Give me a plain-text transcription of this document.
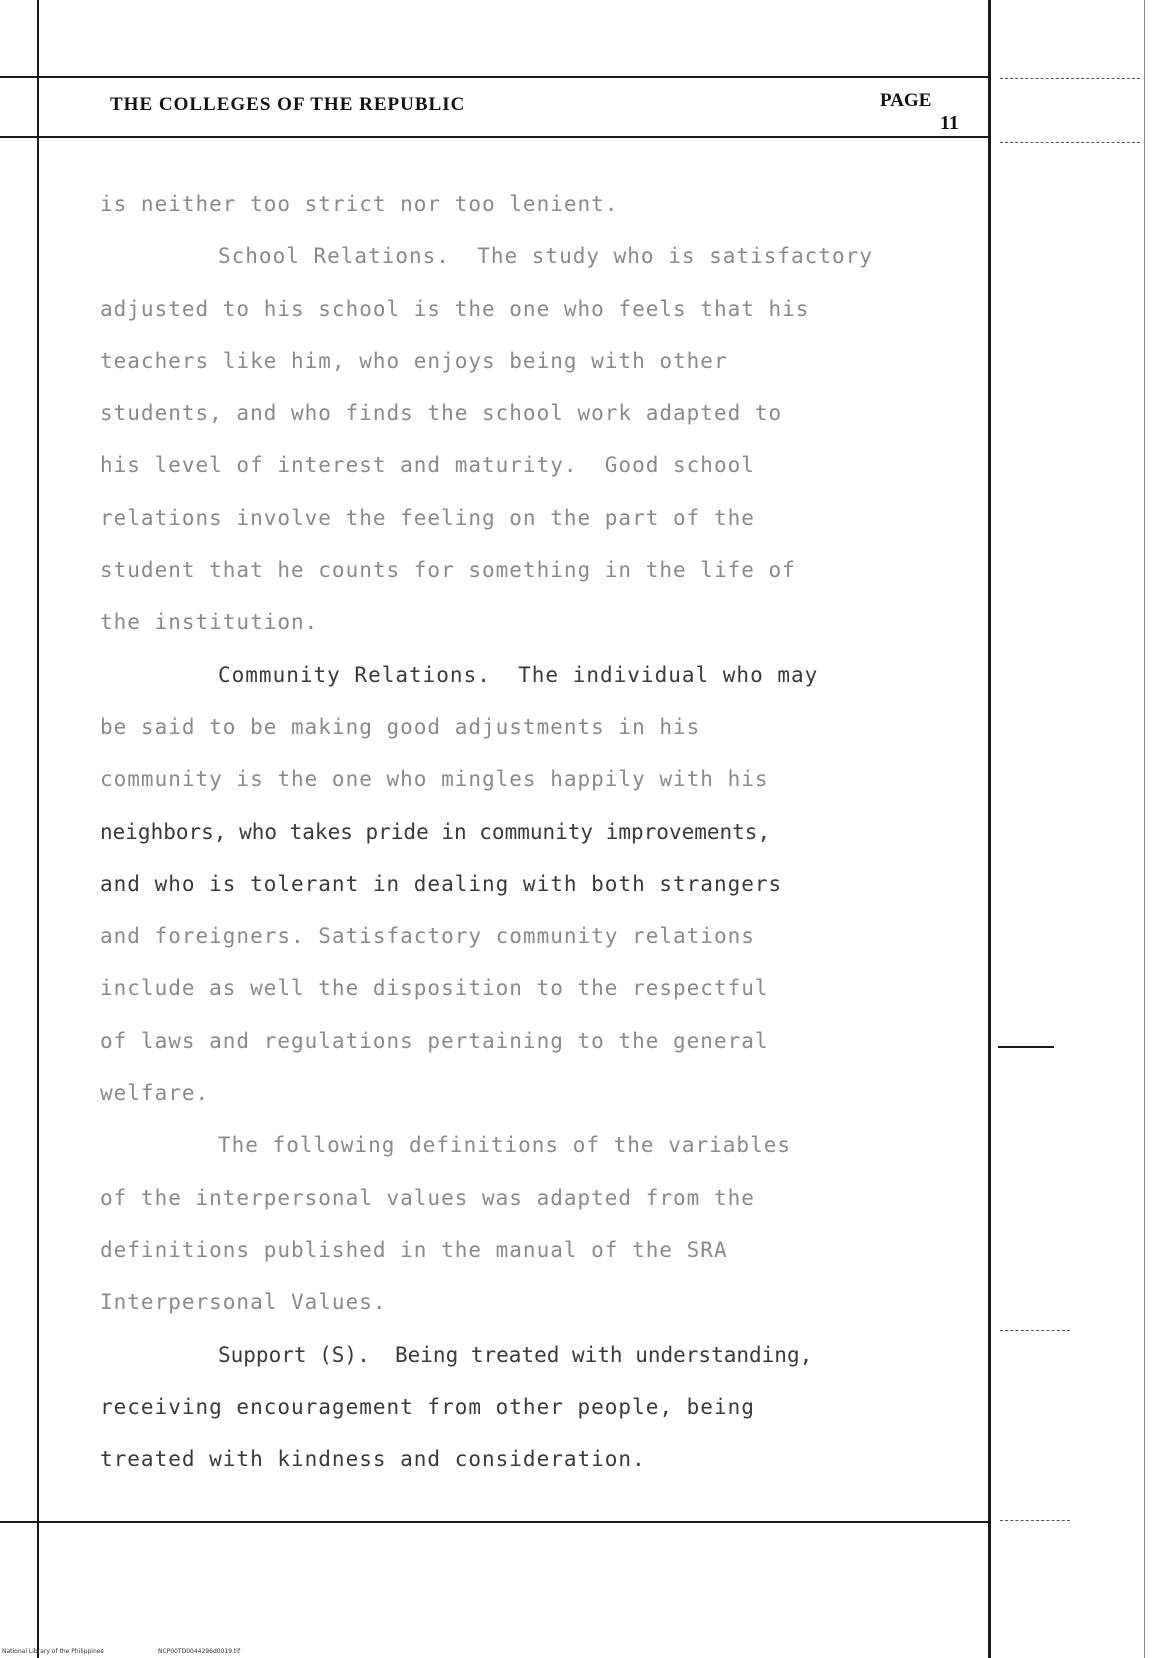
THE COLLEGES OF THE REPUBLIC	PAGE
11

is neither too strict nor too lenient.

School Relations.  The study who is satisfactory

adjusted to his school is the one who feels that his

teachers like him, who enjoys being with other

students, and who finds the school work adapted to

his level of interest and maturity.  Good school

relations involve the feeling on the part of the

student that he counts for something in the life of

the institution.

Community Relations.  The individual who may

be said to be making good adjustments in his

community is the one who mingles happily with his

neighbors, who takes pride in community improvements,

and who is tolerant in dealing with both strangers

and foreigners. Satisfactory community relations

include as well the disposition to the respectful

of laws and regulations pertaining to the general

welfare.

The following definitions of the variables

of the interpersonal values was adapted from the

definitions published in the manual of the SRA

Interpersonal Values.

Support (S).  Being treated with understanding,

receiving encouragement from other people, being

treated with kindness and consideration.

National Library of the Philippines	NCP00TD0044296d0019.tif
